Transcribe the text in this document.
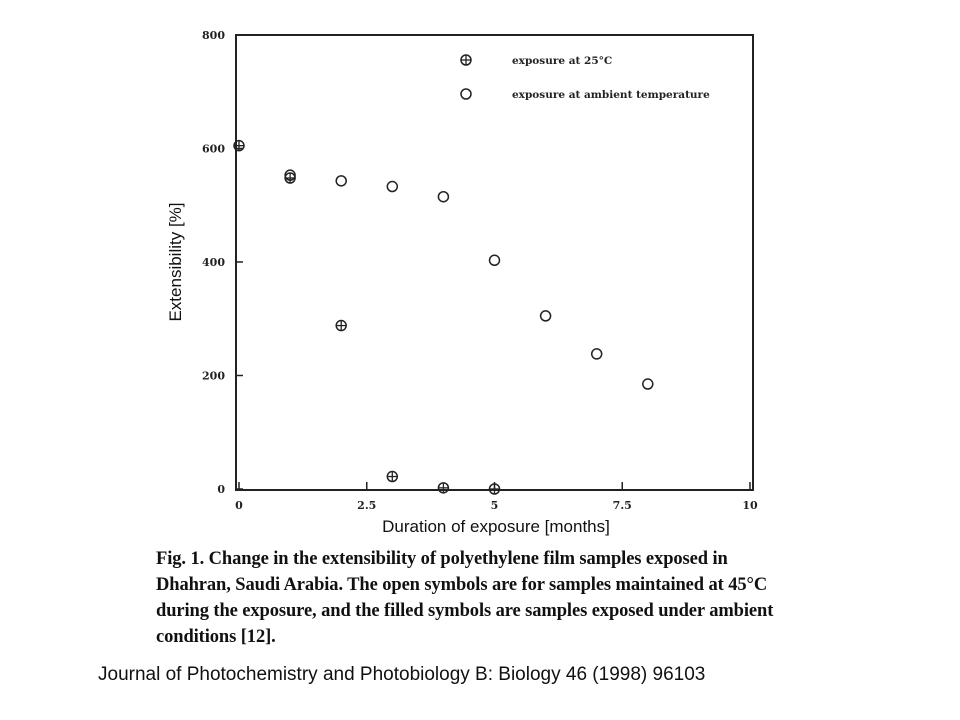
0	2.5	5	7.5	10
0
200
400
600
800
exposure at 25°C
exposure at ambient temperature
Duration of exposure [months]
Extensibility [%]
Fig. 1. Change in the extensibility of polyethylene film samples exposed in Dhahran, Saudi Arabia. The open symbols are for samples maintained at 45°C during the exposure, and the filled symbols are samples exposed under ambient conditions [12].
Journal of Photochemistry and Photobiology B: Biology 46 (1998) 96103
